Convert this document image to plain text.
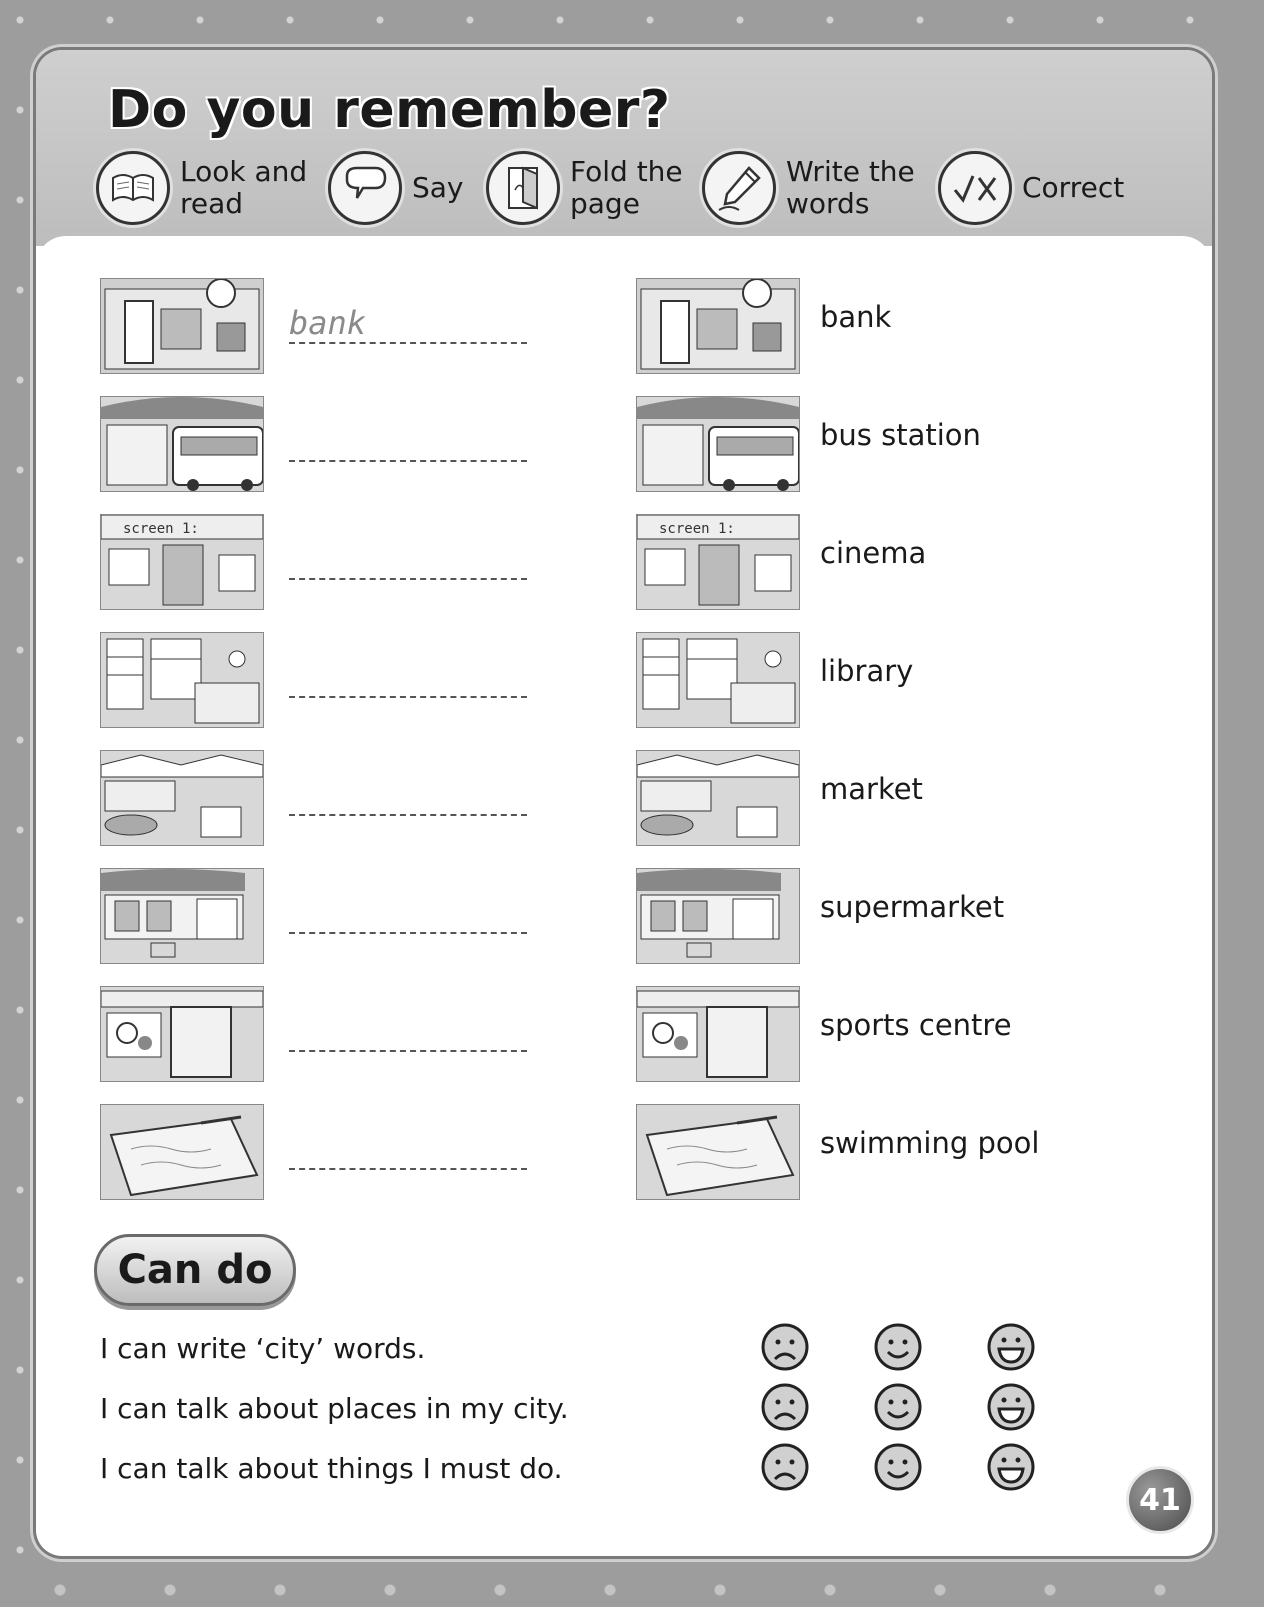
Do you remember?
Look and
read	Say	Fold the
page
Write the
words	Correct
bank
screen 1:
bank
bus station
screen 1:
cinema
library
market
supermarket
sports centre
swimming pool
Can do
I can write ‘city’ words.
I can talk about places in my city.
I can talk about things I must do.
41
